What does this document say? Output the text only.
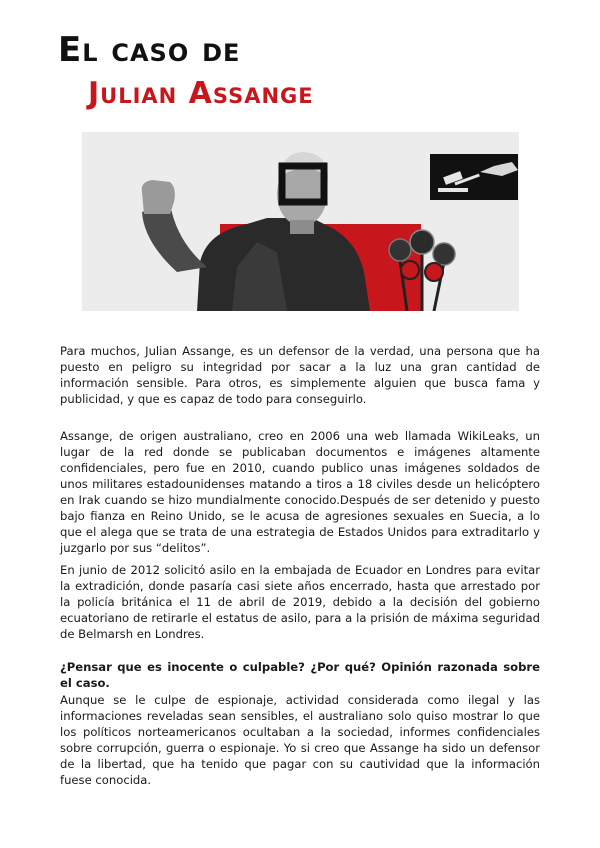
El caso de
Julian Assange
Para muchos, Julian Assange, es un defensor de la verdad, una persona que ha puesto en peligro su integridad por sacar a la luz una gran cantidad de información sensible. Para otros, es simplemente alguien que busca fama y publicidad, y que es capaz de todo para conseguirlo.
Assange, de origen australiano, creo en 2006 una web llamada WikiLeaks, un lugar de la red donde se publicaban documentos e imágenes altamente confidenciales, pero fue en 2010, cuando publico unas imágenes soldados de unos militares estadounidenses matando a tiros a 18 civiles desde un helicóptero en Irak cuando se hizo mundialmente conocido.Después de ser detenido y puesto bajo fianza en Reino Unido, se le acusa de agresiones sexuales en Suecia, a lo que el alega que se trata de una estrategia de Estados Unidos para extraditarlo y juzgarlo por sus “delitos”.
En junio de 2012 solicitó asilo en la embajada de Ecuador en Londres para evitar la extradición, donde pasaría casi siete años encerrado, hasta que arrestado por la policía británica el 11 de abril de 2019, debido a la decisión del gobierno ecuatoriano de retirarle el estatus de asilo, para a la prisión de máxima seguridad de Belmarsh en Londres.
¿Pensar que es inocente o culpable? ¿Por qué? Opinión razonada sobre el caso.
Aunque se le culpe de espionaje, actividad considerada como ilegal y las informaciones reveladas sean sensibles, el australiano solo quiso mostrar lo que los políticos norteamericanos ocultaban a la sociedad, informes confidenciales sobre corrupción, guerra o espionaje. Yo si creo que Assange ha sido un defensor de la libertad, que ha tenido que pagar con su cautividad que la información fuese conocida.
